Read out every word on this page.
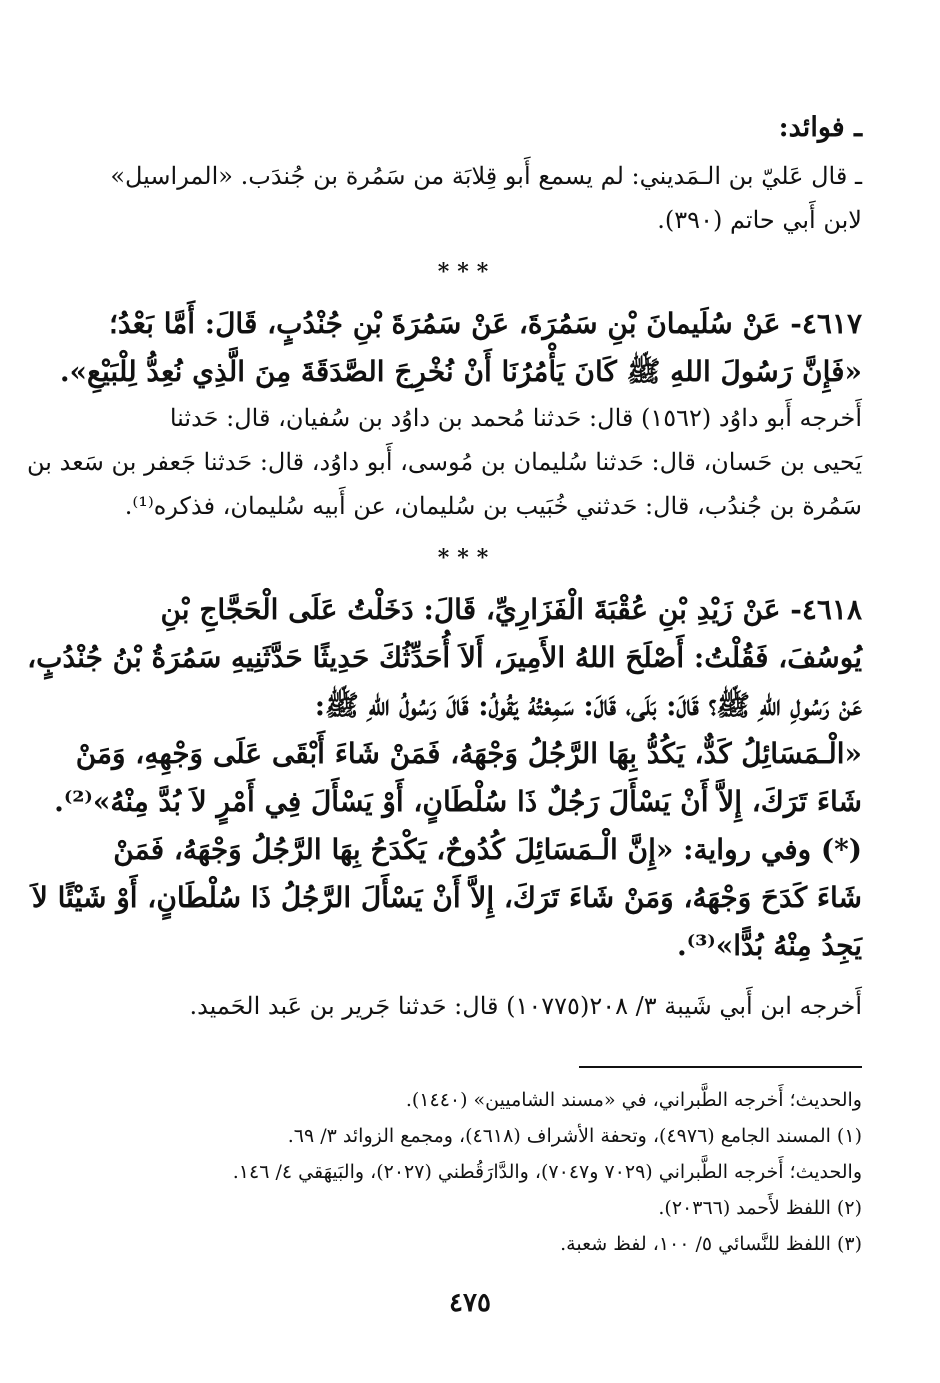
ـ فوائد:
ـ قال عَليّ بن الـمَديني: لم يسمع أَبو قِلابَة من سَمُرة بن جُندَب. «المراسيل»
لابن أَبي حاتم (٣٩٠).
***
٤٦١٧- عَنْ سُلَيمانَ بْنِ سَمُرَةَ، عَنْ سَمُرَةَ بْنِ جُنْدُبٍ، قَالَ: أَمَّا بَعْدُ؛
«فَإِنَّ رَسُولَ اللهِ ﷺ كَانَ يَأْمُرُنَا أَنْ نُخْرِجَ الصَّدَقَةَ مِنَ الَّذِي نُعِدُّ لِلْبَيْعِ».
أَخرجه أَبو داوُد (١٥٦٢) قال: حَدثنا مُحمد بن داوُد بن سُفيان، قال: حَدثنا
يَحيى بن حَسان، قال: حَدثنا سُليمان بن مُوسى، أَبو داوُد، قال: حَدثنا جَعفر بن سَعد بن
سَمُرة بن جُندُب، قال: حَدثني خُبَيب بن سُليمان، عن أَبيه سُليمان، فذكره⁽¹⁾.
***
٤٦١٨- عَنْ زَيْدِ بْنِ عُقْبَةَ الْفَزَارِيِّ، قَالَ: دَخَلْتُ عَلَى الْحَجَّاجِ بْنِ
يُوسُفَ، فَقُلْتُ: أَصْلَحَ اللهُ الأَمِيرَ، أَلاَ أُحَدِّثُكَ حَدِيثًا حَدَّثَنِيهِ سَمُرَةُ بْنُ جُنْدُبٍ،
عَنْ رَسُولِ اللهِ ﷺ؟ قَالَ: بَلَى، قَالَ: سَمِعْتُهُ يَقُولُ: قَالَ رَسُولُ اللهِ ﷺ:
«الْـمَسَائِلُ كَدٌّ، يَكُدُّ بِهَا الرَّجُلُ وَجْهَهُ، فَمَنْ شَاءَ أَبْقَى عَلَى وَجْهِهِ، وَمَنْ
شَاءَ تَرَكَ، إِلاَّ أَنْ يَسْأَلَ رَجُلٌ ذَا سُلْطَانٍ، أَوْ يَسْأَلَ فِي أَمْرٍ لاَ بُدَّ مِنْهُ»⁽²⁾.
(*) وفي رواية: «إِنَّ الْـمَسَائِلَ كُدُوحٌ، يَكْدَحُ بِهَا الرَّجُلُ وَجْهَهُ، فَمَنْ
شَاءَ كَدَحَ وَجْهَهُ، وَمَنْ شَاءَ تَرَكَ، إِلاَّ أَنْ يَسْأَلَ الرَّجُلُ ذَا سُلْطَانٍ، أَوْ شَيْئًا لاَ
يَجِدُ مِنْهُ بُدًّا»⁽³⁾.
أَخرجه ابن أَبي شَيبة ٣/ ٢٠٨(١٠٧٧٥) قال: حَدثنا جَرير بن عَبد الحَميد.
والحديث؛ أَخرجه الطَّبراني، في «مسند الشاميين» (١٤٤٠).
(١) المسند الجامع (٤٩٧٦)، وتحفة الأشراف (٤٦١٨)، ومجمع الزوائد ٣/ ٦٩.
والحديث؛ أَخرجه الطَّبراني (٧٠٢٩ و٧٠٤٧)، والدَّارَقُطني (٢٠٢٧)، والبَيهَقي ٤/ ١٤٦.
(٢) اللفظ لأَحمد (٢٠٣٦٦).
(٣) اللفظ للنَّسائي ٥/ ١٠٠، لفظ شعبة.
٤٧٥
